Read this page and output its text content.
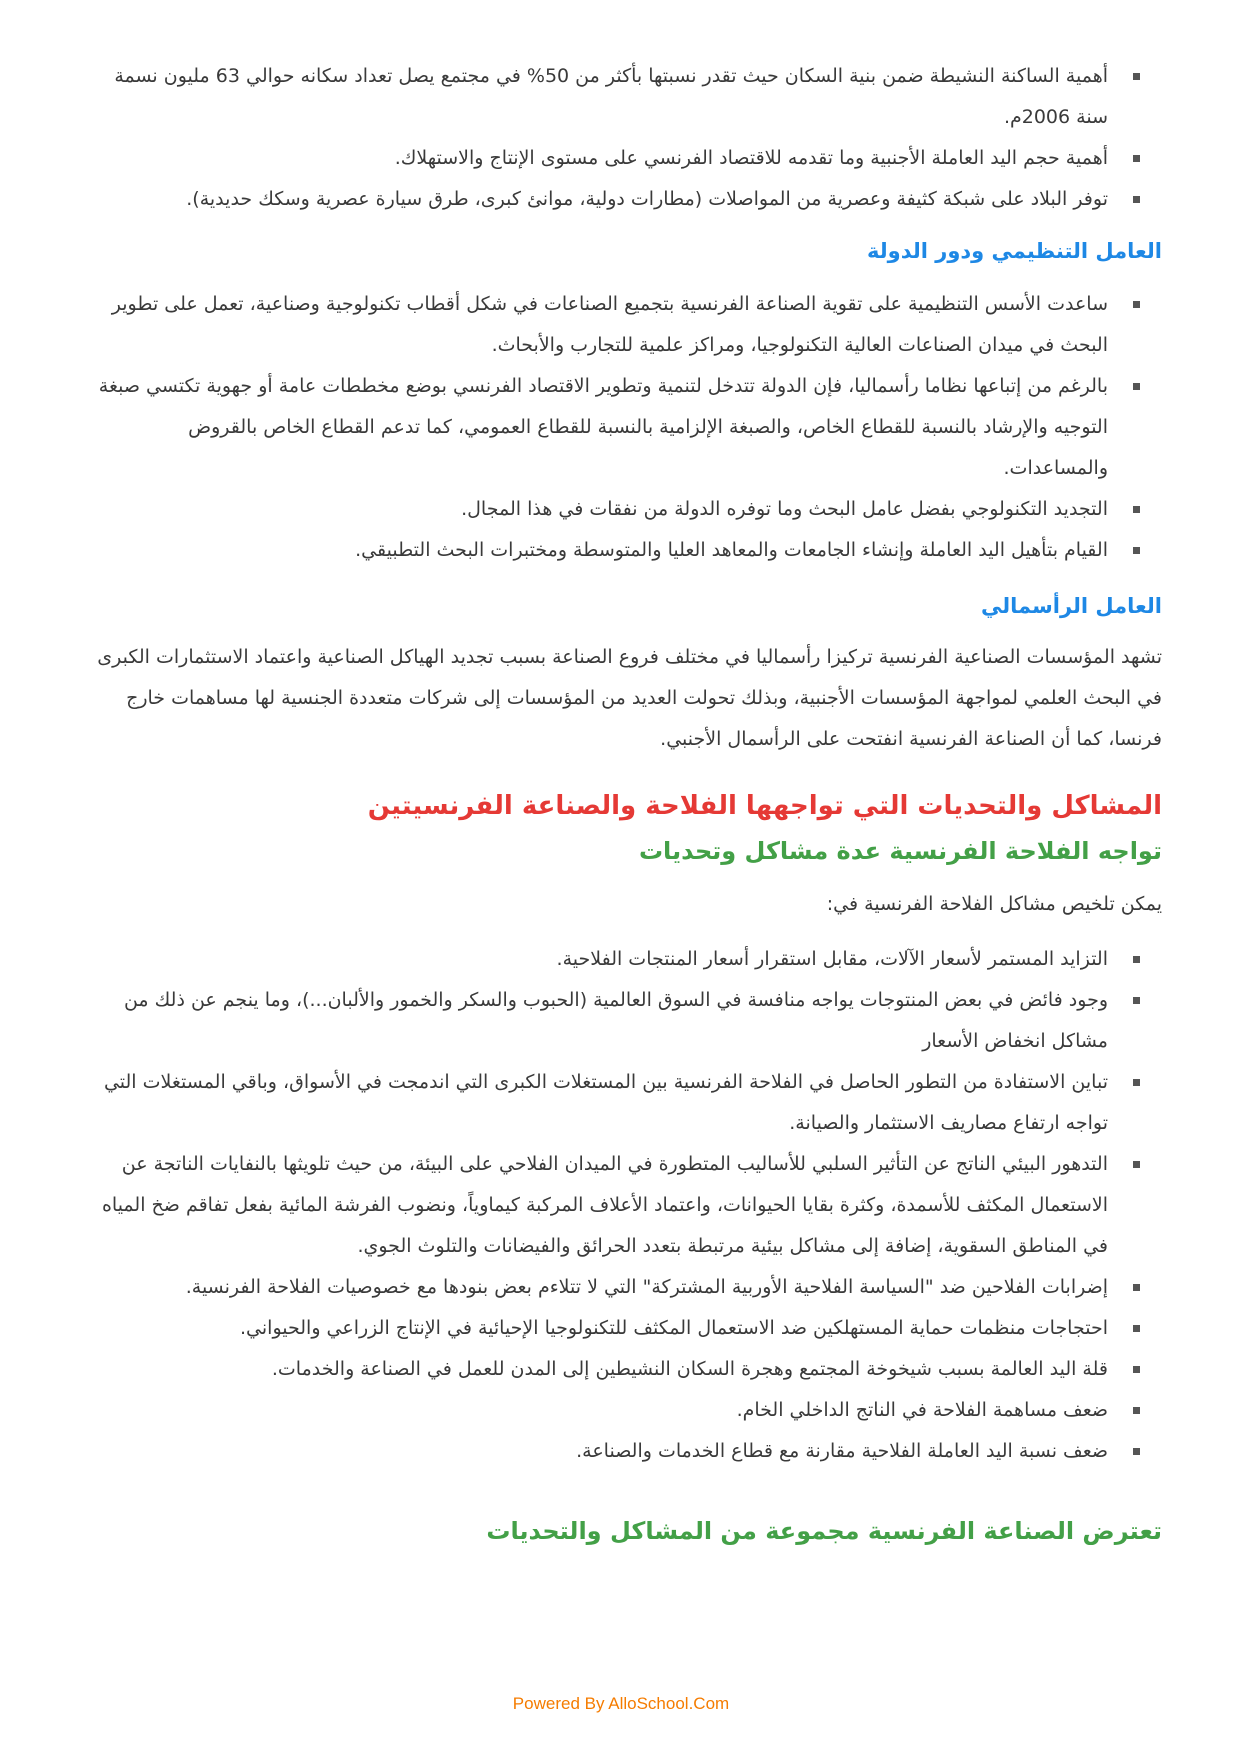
أهمية الساكنة النشيطة ضمن بنية السكان حيث تقدر نسبتها بأكثر من 50% في مجتمع يصل تعداد سكانه حوالي 63 مليون نسمة سنة 2006م.
أهمية حجم اليد العاملة الأجنبية وما تقدمه للاقتصاد الفرنسي على مستوى الإنتاج والاستهلاك.
توفر البلاد على شبكة كثيفة وعصرية من المواصلات (مطارات دولية، موانئ كبرى، طرق سيارة عصرية وسكك حديدية).
العامل التنظيمي ودور الدولة
ساعدت الأسس التنظيمية على تقوية الصناعة الفرنسية بتجميع الصناعات في شكل أقطاب تكنولوجية وصناعية، تعمل على تطوير البحث في ميدان الصناعات العالية التكنولوجيا، ومراكز علمية للتجارب والأبحاث.
بالرغم من إتباعها نظاما رأسماليا، فإن الدولة تتدخل لتنمية وتطوير الاقتصاد الفرنسي بوضع مخططات عامة أو جهوية تكتسي صبغة التوجيه والإرشاد بالنسبة للقطاع الخاص، والصبغة الإلزامية بالنسبة للقطاع العمومي، كما تدعم القطاع الخاص بالقروض والمساعدات.
التجديد التكنولوجي بفضل عامل البحث وما توفره الدولة من نفقات في هذا المجال.
القيام بتأهيل اليد العاملة وإنشاء الجامعات والمعاهد العليا والمتوسطة ومختبرات البحث التطبيقي.
العامل الرأسمالي

تشهد المؤسسات الصناعية الفرنسية تركيزا رأسماليا في مختلف فروع الصناعة بسبب تجديد الهياكل الصناعية واعتماد الاستثمارات الكبرى في البحث العلمي لمواجهة المؤسسات الأجنبية، وبذلك تحولت العديد من المؤسسات إلى شركات متعددة الجنسية لها مساهمات خارج فرنسا، كما أن الصناعة الفرنسية انفتحت على الرأسمال الأجنبي.

المشاكل والتحديات التي تواجهها الفلاحة والصناعة الفرنسيتين
تواجه الفلاحة الفرنسية عدة مشاكل وتحديات

يمكن تلخيص مشاكل الفلاحة الفرنسية في:

التزايد المستمر لأسعار الآلات، مقابل استقرار أسعار المنتجات الفلاحية.
وجود فائض في بعض المنتوجات يواجه منافسة في السوق العالمية (الحبوب والسكر والخمور والألبان...)، وما ينجم عن ذلك من مشاكل انخفاض الأسعار
تباين الاستفادة من التطور الحاصل في الفلاحة الفرنسية بين المستغلات الكبرى التي اندمجت في الأسواق، وباقي المستغلات التي تواجه ارتفاع مصاريف الاستثمار والصيانة.
التدهور البيئي الناتج عن التأثير السلبي للأساليب المتطورة في الميدان الفلاحي على البيئة، من حيث تلويثها بالنفايات الناتجة عن الاستعمال المكثف للأسمدة، وكثرة بقايا الحيوانات، واعتماد الأعلاف المركبة كيماوياً، ونضوب الفرشة المائية بفعل تفاقم ضخ المياه في المناطق السقوية، إضافة إلى مشاكل بيئية مرتبطة بتعدد الحرائق والفيضانات والتلوث الجوي.
إضرابات الفلاحين ضد "السياسة الفلاحية الأوربية المشتركة" التي لا تتلاءم بعض بنودها مع خصوصيات الفلاحة الفرنسية.
احتجاجات منظمات حماية المستهلكين ضد الاستعمال المكثف للتكنولوجيا الإحيائية في الإنتاج الزراعي والحيواني.
قلة اليد العالمة بسبب شيخوخة المجتمع وهجرة السكان النشيطين إلى المدن للعمل في الصناعة والخدمات.
ضعف مساهمة الفلاحة في الناتج الداخلي الخام.
ضعف نسبة اليد العاملة الفلاحية مقارنة مع قطاع الخدمات والصناعة.
تعترض الصناعة الفرنسية مجموعة من المشاكل والتحديات
Powered By AlloSchool.Com
